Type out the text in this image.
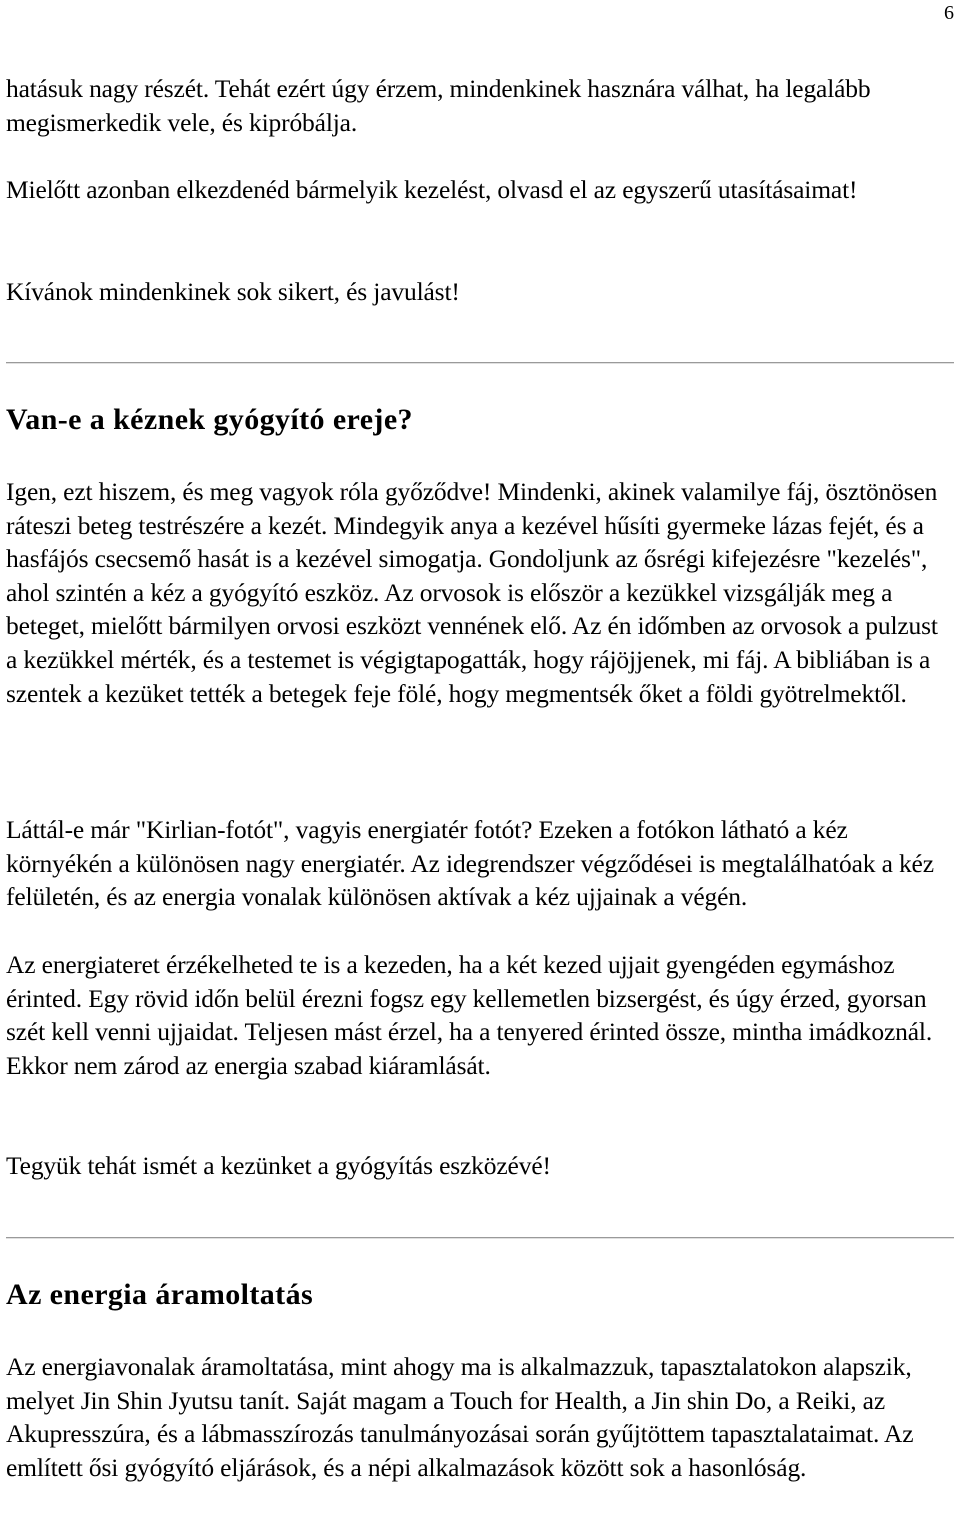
6

hatásuk nagy részét. Tehát ezért úgy érzem, mindenkinek hasznára válhat, ha legalább megismerkedik vele, és kipróbálja.

Mielőtt azonban elkezdenéd bármelyik kezelést, olvasd el az egyszerű utasításaimat!

Kívánok mindenkinek sok sikert, és javulást!

Van-e a kéznek gyógyító ereje?

Igen, ezt hiszem, és meg vagyok róla győződve! Mindenki, akinek valamilye fáj, ösztönösen ráteszi beteg testrészére a kezét. Mindegyik anya a kezével hűsíti gyermeke lázas fejét, és a hasfájós csecsemő hasát is a kezével simogatja. Gondoljunk az ősrégi kifejezésre "kezelés", ahol szintén a kéz a gyógyító eszköz. Az orvosok is először a kezükkel vizsgálják meg a beteget, mielőtt bármilyen orvosi eszközt vennének elő. Az én időmben az orvosok a pulzust a kezükkel mérték, és a testemet is végigtapogatták, hogy rájöjjenek, mi fáj. A bibliában is a szentek a kezüket tették a betegek feje fölé, hogy megmentsék őket a földi gyötrelmektől.

Láttál-e már "Kirlian-fotót", vagyis energiatér fotót? Ezeken a fotókon látható a kéz környékén a különösen nagy energiatér. Az idegrendszer végződései is megtalálhatóak a kéz felületén, és az energia vonalak különösen aktívak a kéz ujjainak a végén.

Az energiateret érzékelheted te is a kezeden, ha a két kezed ujjait gyengéden egymáshoz érinted. Egy rövid időn belül érezni fogsz egy kellemetlen bizsergést, és úgy érzed, gyorsan szét kell venni ujjaidat. Teljesen mást érzel, ha a tenyered érinted össze, mintha imádkoznál. Ekkor nem zárod az energia szabad kiáramlását.

Tegyük tehát ismét a kezünket a gyógyítás eszközévé!

Az energia áramoltatás

Az energiavonalak áramoltatása, mint ahogy ma is alkalmazzuk, tapasztalatokon alapszik, melyet Jin Shin Jyutsu tanít. Saját magam a Touch for Health, a Jin shin Do, a Reiki, az Akupresszúra, és a lábmasszírozás tanulmányozásai során gyűjtöttem tapasztalataimat. Az említett ősi gyógyító eljárások, és a népi alkalmazások között sok a hasonlóság.
